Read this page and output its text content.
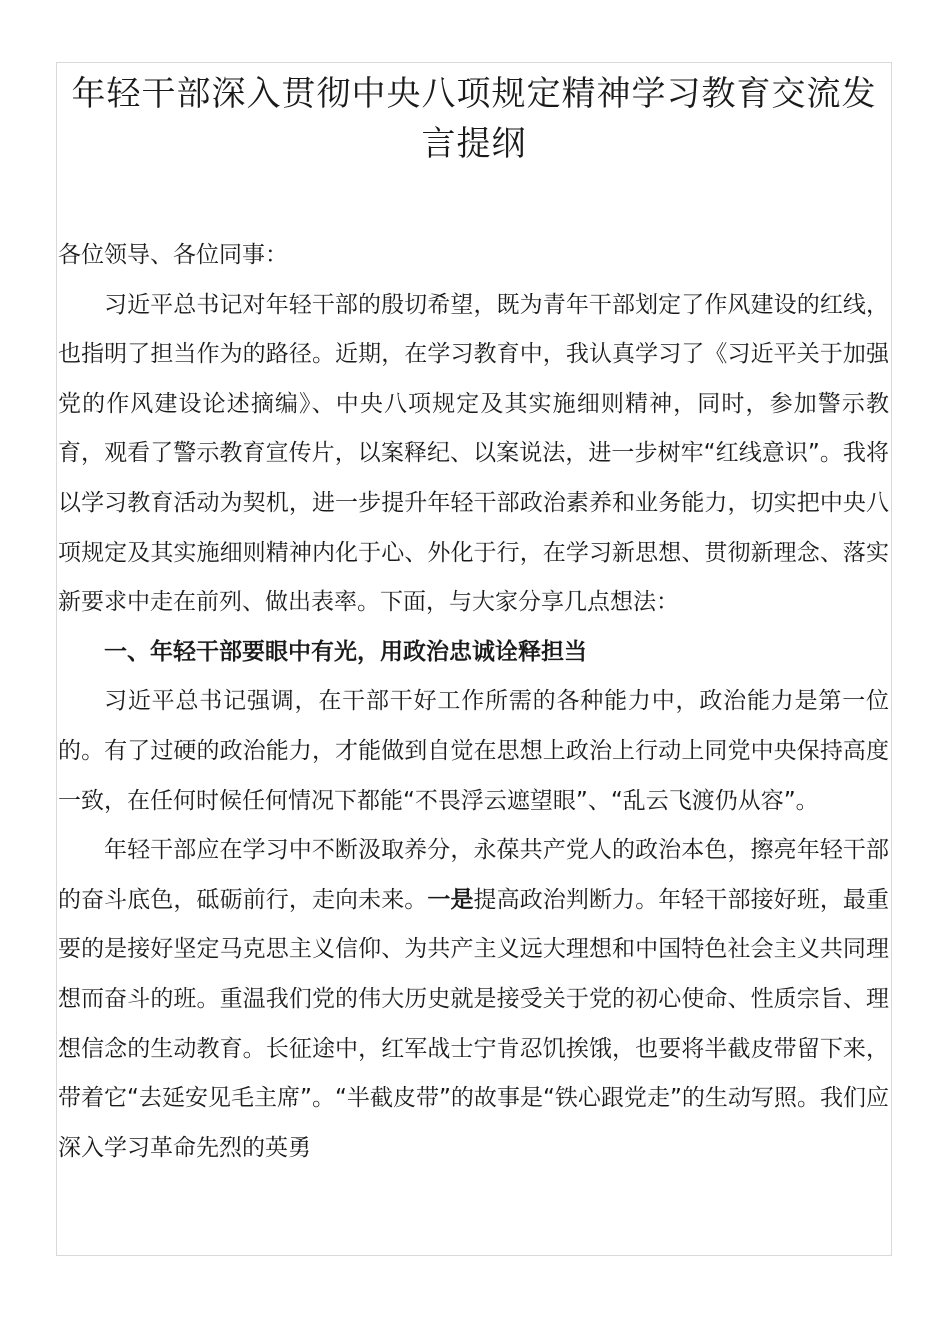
年轻干部深入贯彻中央八项规定精神学习教育交流发言提纲

各位领导、各位同事：

习近平总书记对年轻干部的殷切希望，既为青年干部划定了作风建设的红线，也指明了担当作为的路径。近期，在学习教育中，我认真学习了《习近平关于加强党的作风建设论述摘编》、中央八项规定及其实施细则精神，同时，参加警示教育，观看了警示教育宣传片，以案释纪、以案说法，进一步树牢“红线意识”。我将以学习教育活动为契机，进一步提升年轻干部政治素养和业务能力，切实把中央八项规定及其实施细则精神内化于心、外化于行，在学习新思想、贯彻新理念、落实新要求中走在前列、做出表率。下面，与大家分享几点想法：

一、年轻干部要眼中有光，用政治忠诚诠释担当

习近平总书记强调，在干部干好工作所需的各种能力中，政治能力是第一位的。有了过硬的政治能力，才能做到自觉在思想上政治上行动上同党中央保持高度一致，在任何时候任何情况下都能“不畏浮云遮望眼”、“乱云飞渡仍从容”。

年轻干部应在学习中不断汲取养分，永葆共产党人的政治本色，擦亮年轻干部的奋斗底色，砥砺前行，走向未来。一是提高政治判断力。年轻干部接好班，最重要的是接好坚定马克思主义信仰、为共产主义远大理想和中国特色社会主义共同理想而奋斗的班。重温我们党的伟大历史就是接受关于党的初心使命、性质宗旨、理想信念的生动教育。长征途中，红军战士宁肯忍饥挨饿，也要将半截皮带留下来，带着它“去延安见毛主席”。“半截皮带”的故事是“铁心跟党走”的生动写照。我们应深入学习革命先烈的英勇
